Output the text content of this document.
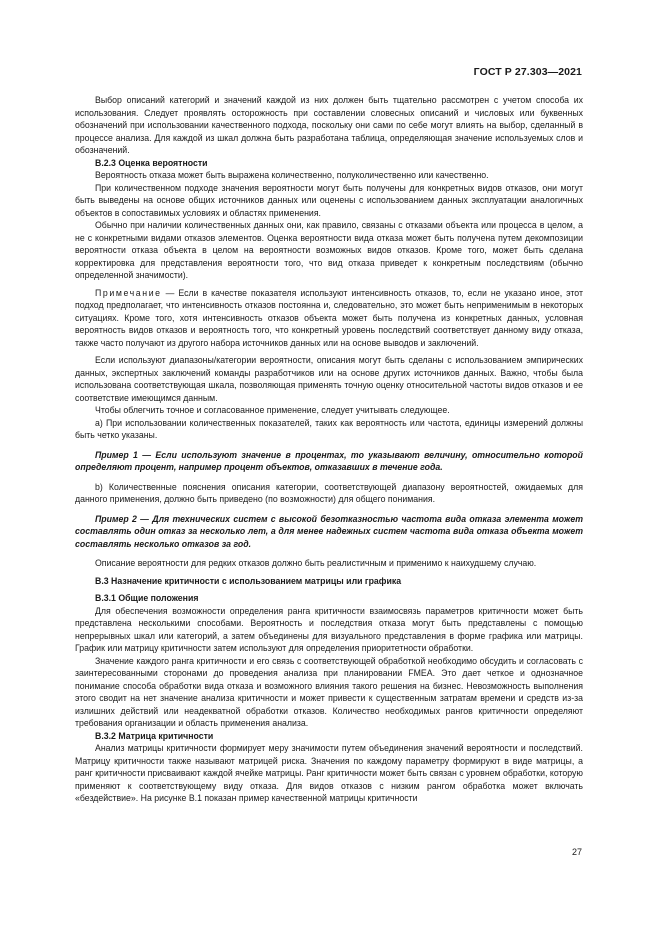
ГОСТ Р 27.303—2021

Выбор описаний категорий и значений каждой из них должен быть тщательно рассмотрен с учетом способа их использования. Следует проявлять осторожность при составлении словесных описаний и числовых или буквенных обозначений при использовании качественного подхода, поскольку они сами по себе могут влиять на выбор, сделанный в процессе анализа. Для каждой из шкал должна быть разработана таблица, определяющая значение используемых слов и обозначений.

В.2.3 Оценка вероятности

Вероятность отказа может быть выражена количественно, полуколичественно или качественно.

При количественном подходе значения вероятности могут быть получены для конкретных видов отказов, они могут быть выведены на основе общих источников данных или оценены с использованием данных эксплуатации аналогичных объектов в сопоставимых условиях и областях применения.

Обычно при наличии количественных данных они, как правило, связаны с отказами объекта или процесса в целом, а не с конкретными видами отказов элементов. Оценка вероятности вида отказа может быть получена путем декомпозиции вероятности отказа объекта в целом на вероятности возможных видов отказов. Кроме того, может быть сделана корректировка для представления вероятности того, что вид отказа приведет к конкретным последствиям (обычно определенной значимости).

Примечание — Если в качестве показателя используют интенсивность отказов, то, если не указано иное, этот подход предполагает, что интенсивность отказов постоянна и, следовательно, это может быть неприменимым в некоторых ситуациях. Кроме того, хотя интенсивность отказов объекта может быть получена из конкретных данных, условная вероятность видов отказов и вероятность того, что конкретный уровень последствий соответствует данному виду отказа, также часто получают из другого набора источников данных или на основе выводов и заключений.

Если используют диапазоны/категории вероятности, описания могут быть сделаны с использованием эмпирических данных, экспертных заключений команды разработчиков или на основе других источников данных. Важно, чтобы была использована соответствующая шкала, позволяющая применять точную оценку относительной частоты видов отказов и ее соответствие имеющимся данным.

Чтобы облегчить точное и согласованное применение, следует учитывать следующее.

а) При использовании количественных показателей, таких как вероятность или частота, единицы измерений должны быть четко указаны.

Пример 1 — Если используют значение в процентах, то указывают величину, относительно которой определяют процент, например процент объектов, отказавших в течение года.

b) Количественные пояснения описания категории, соответствующей диапазону вероятностей, ожидаемых для данного применения, должно быть приведено (по возможности) для общего понимания.

Пример 2 — Для технических систем с высокой безотказностью частота вида отказа элемента может составлять один отказ за несколько лет, а для менее надежных систем частота вида отказа объекта может составлять несколько отказов за год.

Описание вероятности для редких отказов должно быть реалистичным и применимо к наихудшему случаю.

В.3 Назначение критичности с использованием матрицы или графика
В.3.1 Общие положения

Для обеспечения возможности определения ранга критичности взаимосвязь параметров критичности может быть представлена несколькими способами. Вероятность и последствия отказа могут быть представлены с помощью непрерывных шкал или категорий, а затем объединены для визуального представления в форме графика или матрицы. График или матрицу критичности затем используют для определения приоритетности обработки.

Значение каждого ранга критичности и его связь с соответствующей обработкой необходимо обсудить и согласовать с заинтересованными сторонами до проведения анализа при планировании FMEA. Это дает четкое и однозначное понимание способа обработки вида отказа и возможного влияния такого решения на бизнес. Невозможность выполнения этого сводит на нет значение анализа критичности и может привести к существенным затратам времени и средств из-за излишних действий или неадекватной обработки отказов. Количество необходимых рангов критичности определяют требования организации и область применения анализа.

В.3.2 Матрица критичности

Анализ матрицы критичности формирует меру значимости путем объединения значений вероятности и последствий. Матрицу критичности также называют матрицей риска. Значения по каждому параметру формируют в виде матрицы, а ранг критичности присваивают каждой ячейке матрицы. Ранг критичности может быть связан с уровнем обработки, которую применяют к соответствующему виду отказа. Для видов отказов с низким рангом обработка может включать «бездействие». На рисунке В.1 показан пример качественной матрицы критичности

27
